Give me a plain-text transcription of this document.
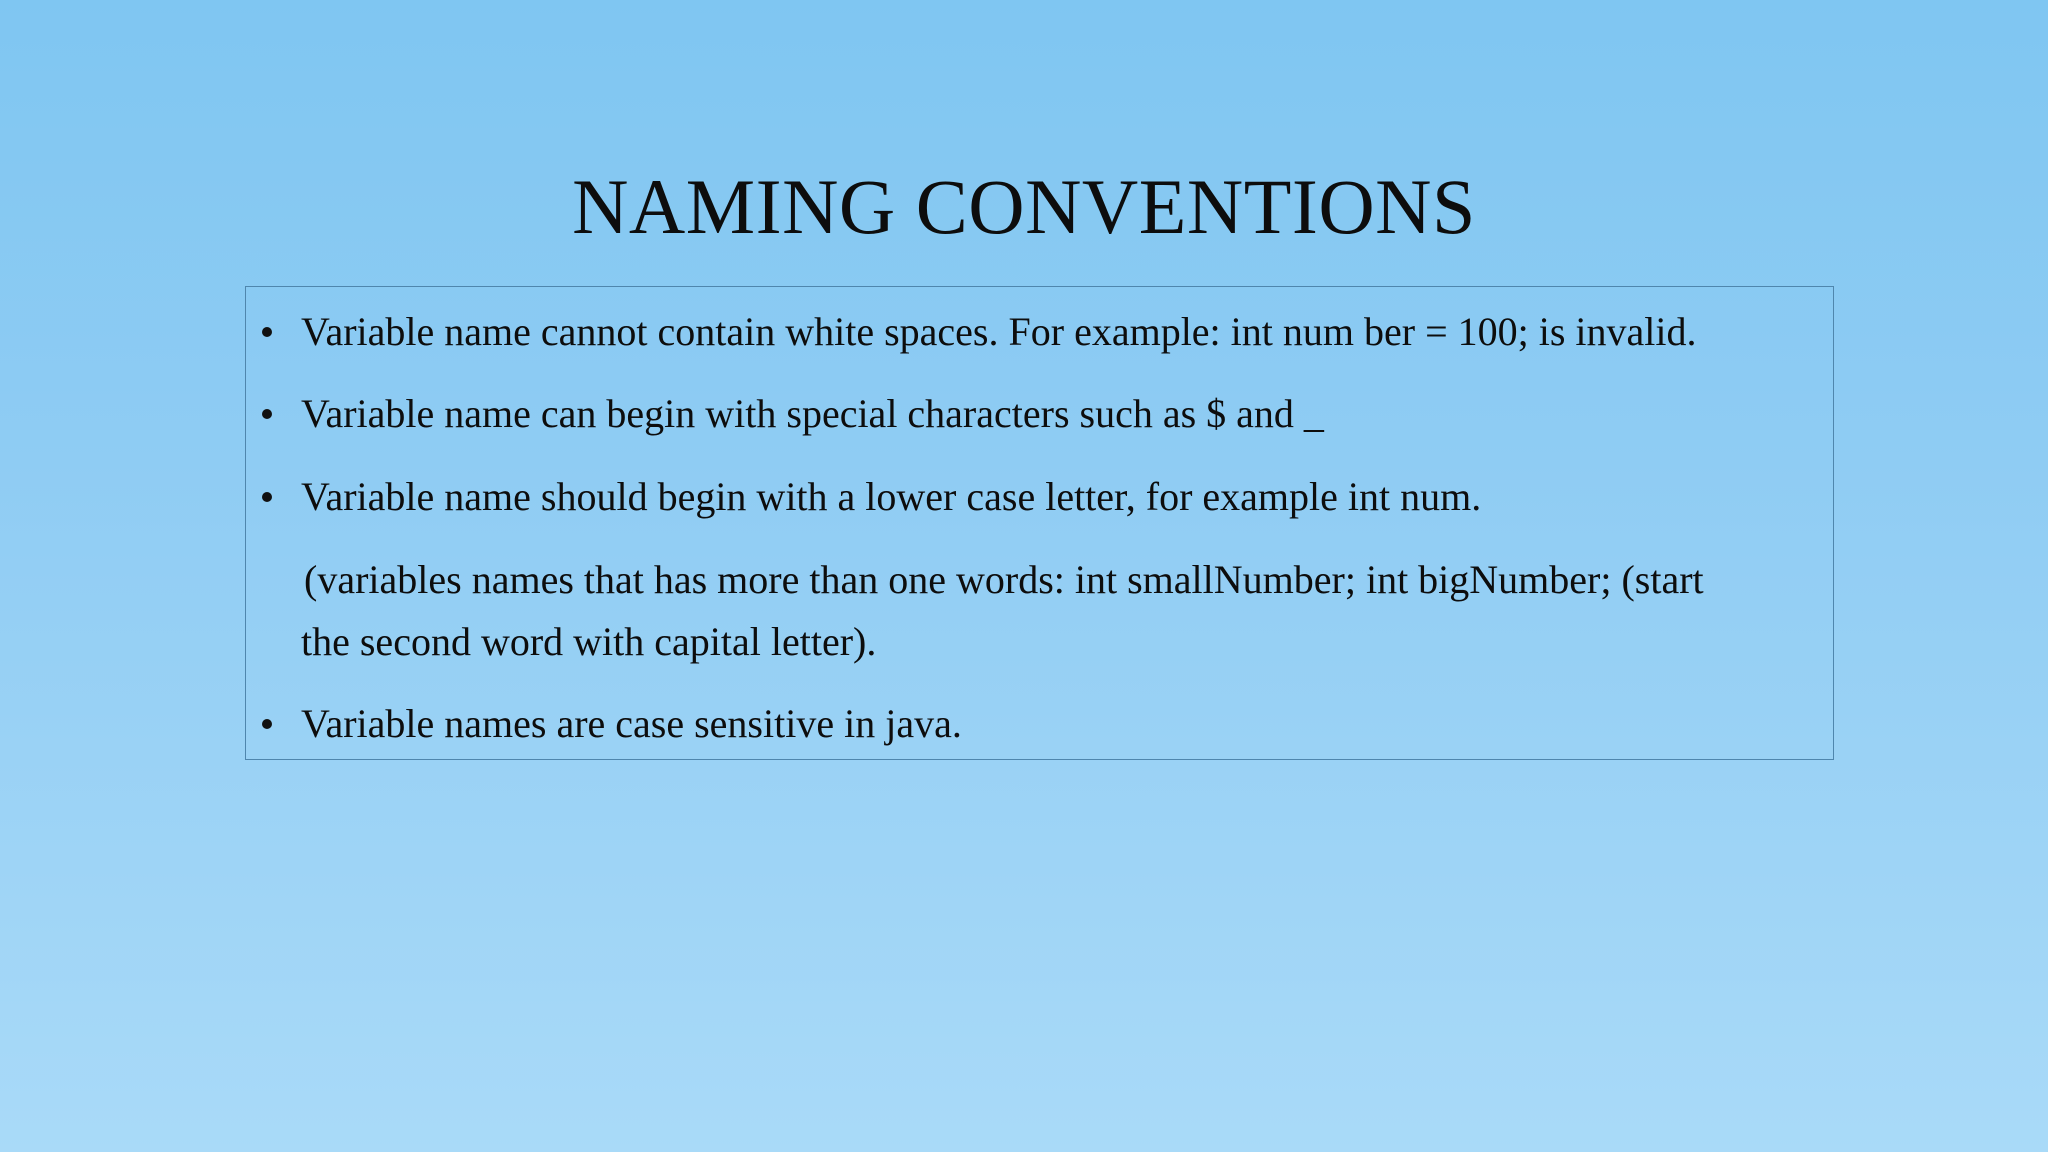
NAMING CONVENTIONS
Variable name cannot contain white spaces. For example: int num ber = 100; is invalid.
Variable name can begin with special characters such as $ and _
Variable name should begin with a lower case letter, for example int num.
(variables names that has more than one words: int smallNumber; int bigNumber; (start
the second word with capital letter).
Variable names are case sensitive in java.
